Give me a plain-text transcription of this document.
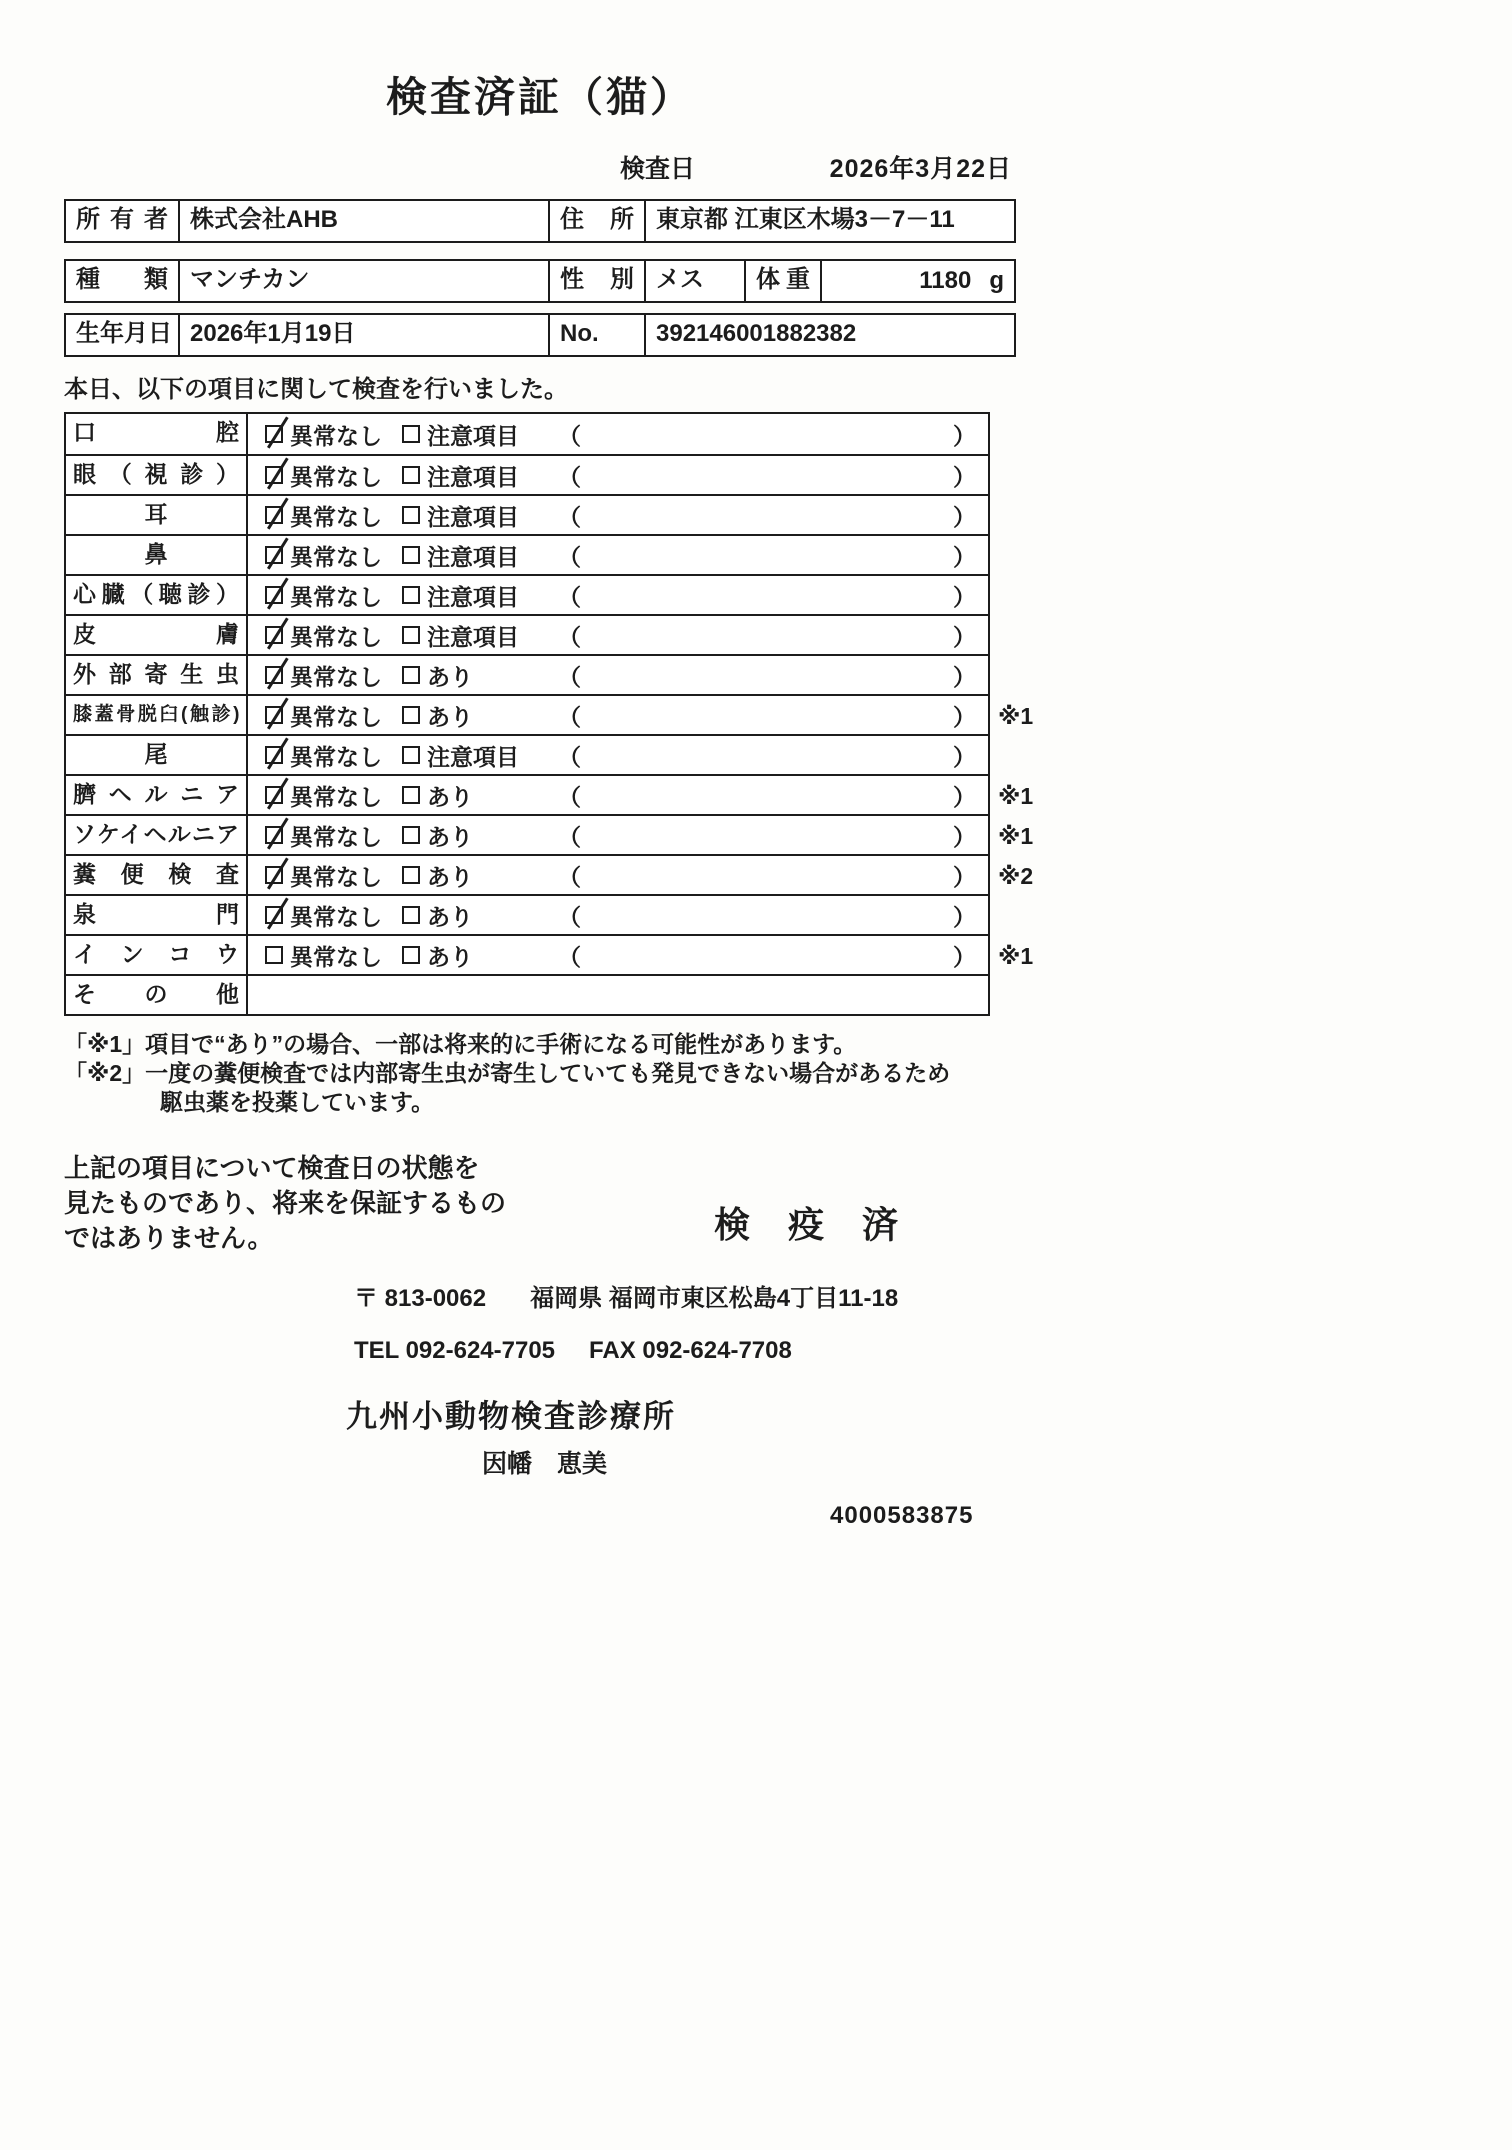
検査済証（猫）
検査日	2026年3月22日
所有者 株式会社AHB	住所 東京都 江東区木場3－7－11
種類 マンチカン	性別 メス	体重	1180 g
生年月日 2026年1月19日	No.	392146001882382
本日、以下の項目に関して検査を行いました。
口腔	異常なし 注意項目 （	）
眼（視診）	異常なし 注意項目 （	）
耳	異常なし 注意項目 （	）
鼻	異常なし 注意項目 （	）
心臓（聴診）	異常なし 注意項目 （	）
皮膚	異常なし 注意項目 （	）
外部寄生虫	異常なし あり	（	）
膝蓋骨脱臼(触診)	異常なし あり	（	） ※1
尾	異常なし 注意項目 （	）
臍ヘルニア	異常なし あり	（	） ※1
ソケイヘルニア	異常なし あり	（	） ※1
糞便検査	異常なし あり	（	） ※2
泉門	異常なし あり	（	）
インコウ	異常なし あり	（	） ※1
その他
「※1」項目で“あり”の場合、一部は将来的に手術になる可能性があります。
「※2」一度の糞便検査では内部寄生虫が寄生していても発見できない場合があるため
駆虫薬を投薬しています。
上記の項目について検査日の状態を
見たものであり、将来を保証するもの
ではありません。	検 疫 済
〒 813-0062 福岡県 福岡市東区松島4丁目11-18
TEL 092-624-7705 FAX 092-624-7708
九州小動物検査診療所
因幡　恵美
4000583875
